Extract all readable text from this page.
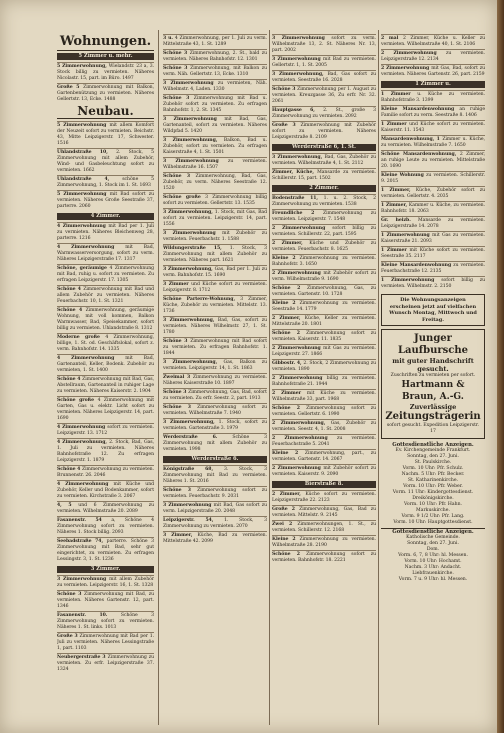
Wohnungen.
5 Zimmer u. mehr.
5 Zimmerwohnung, Wielandstr. 23 a, 3. Stock billig zu vermieten. Näheres Nicolastr. 15, part. im Büro. 1497
Große 5 Zimmerwohnung mit Balkon, Gartenbenützung zu vermieten. Näheres Gellertstr. 13, Ecke. 1488
Neubau.
5 Zimmerwohnung mit allem Komfort der Neuzeit sofort zu vermieten. Beichstr. 43, Mitte Leipzigerstr. 17, Schwester. 1516
Uhlandstraße 10, 2. Stock, 5 Zimmerwohnung mit allem Zubehör, Wind- und Gasbeleuchtung sofort zu vermieten. 1662
Uhlandstraße 4, schöne 5 Zimmerwohnung, 1. Stock im 1. St. 1693
5 Zimmerwohnung mit Bad sofort zu vermieten. Näheres Große Seestraße 37, parterre. 2060
4 Zimmer.
4 Zimmerwohnung mit Bad per 1. Juli zu vermieten. Näheres Bleichenweg 28, parterre. 1216
4 Zimmerwohnung mit Bad, Warmwasserversorgung, sofort zu verm. Näheres Leipzigerstraße 17. 1317
Schöne, geräumige 4 Zimmerwohnung mit Bad, ruhig u. sofort zu vermieten. Zu erfragen Leipzigerstr. 17. 1305
Schöne 4 Zimmerwohnung mit Bad und allem Zubehör zu vermieten. Näheres Feuerbachstr. 10, 1. St. 1321
Schöne 4 Zimmerwohnung, geräumige Wohnung, mit voll kommen, Balkon Warmwasser, Bad, Speisekammer, sofort billig zu vermieten. Uhlandstraße 8. 1312
Moderne große 4 Zimmerwohnung, billige, 1. St. od. Geschäftslokal, sofort z. verm. Bahnhofstr. 14. 1335
4 Zimmerwohnung mit Bad, Gartenanteil, Keller, Bodenk. Zubehör zu vermieten, 1. St. 1400
Schöne 4 Zimmerwohnung mit Bad, Gas, Abstellraum, Gartenanteil in ruhiger Lage zu vermieten. Näheres Kaiserstr. 2. 1904
Schöne große 4 Zimmerwohnung mit Garten, Gas u. elektr. Licht sofort zu vermieten. Näheres Leipzigerstr. 14, part. 1690
4 Zimmerwohnung sofort zu vermieten. Leipzigerstr. 13. 1712
4 Zimmerwohnung, 2. Stock, Bad, Gas, 1. Juli zu vermieten. Näheres Bahnhofstraße 12. Zu erfragen Leipzigerstr. 1. 1879
Schöne 4 Zimmerwohnung zu vermieten. Brunnenstr. 26. 2046
4 Zimmerwohnung mit Küche und Zubehör, Keller und Bodenkammer, sofort zu vermieten. Kirchstraße 3. 2067
4, 5 und 6 Zimmerwohnung zu vermieten. Wilhelmstraße 20. 2089
Fasanenstr. 54 a, Schöne 4 Zimmerwohnung sofort zu vermieten. Näheres 1. Stock billig. 2093
Seebadstraße 74, parterre. Schöne 3 Zimmerwohnung mit Bad, sehr gut eingerichtet, zu vermieten. Zu erfragen Lessingstr. 3, 1. St. 1236
3 Zimmer.
3 Zimmerwohnung mit allem Zubehör zu vermieten. Leipzigerstr. 16, 1. St. 1328
Schöne 3 Zimmerwohnung mit Bad, zu vermieten. Näheres Gartenstr. 12, part. 1346
Fasanenstr. 10. Schöne 3 Zimmerwohnung sofort zu vermieten. Näheres 1. St. links. 1013
Große 3 Zimmerwohnung mit Bad per 1. Juli zu vermieten. Näheres Lessingstraße 1, part. 1103
Neubergerstraße 3 Zimmerwohnung zu vermieten. Zu erfr. Leipzigerstraße 37. 1324
3 u. 4 Zimmerwohnung, per 1. Juli zu verm. Mittelstraße 43, 1. St. 1289
Schöne 3 Zimmerwohnung, 2. St., bald zu vermieten. Näheres Bahnhofstr. 12. 1301
Schöne 3 Zimmerwohnung, mit Balkon zu verm. Näh. Gellertstr. 13, Ecke. 1310
3 Zimmerwohnung zu vermieten, Näh. Wilhelmstr. 4, Laden. 1330
Schöne 3 Zimmerwohnung mit Bad u. Zubehör sofort zu vermieten. Zu erfragen Bahnhofstr. 1, 2. St. 1345
3 Zimmerwohnung mit Bad, Gas, Gartenanteil, sofort zu vermieten. Näheres Wildpfad 5. 1420
3 Zimmerwohnung, Balkon, Bad u. Zubehör, sofort zu vermieten. Zu erfragen Kaiserstraße 4, 1. St. 1501
3 Zimmerwohnung zu vermieten. Wilhelmstraße 16. 1507
Schöne 3 Zimmerwohnung, Bad, Gas, Zubehör, zu verm. Näheres Seestraße 12. 1520
Schöne große 3 Zimmerwohnung billig sofort zu vermieten. Gellertstr. 13. 1535
3 Zimmerwohnung, 1. Stock, mit Gas, Bad sofort zu vermieten. Leipzigerstr. 14, part. 1556
3 Zimmerwohnung mit Zubehör zu vermieten. Feuerbachstr. 1. 1588
Wildungerstraße 15, 1. Stock, 3 Zimmerwohnung mit allem Zubehör zu vermieten. Näheres part. 1621
3 Zimmerwohnung, Gas, Bad per 1. Juli zu verm. Bahnhofstr. 15. 1690
3 Zimmer und Küche sofort zu vermieten. Leipzigerstr. 8. 1712
Schöne Parterre-Wohnung, 3 Zimmer, Küche, Zubehör zu vermieten. Mittelstr. 13. 1736
3 Zimmerwohnung, Bad, Gas, sofort zu vermieten. Näheres Wilhelmstr. 27, 1. St. 1780
Schöne 3 Zimmerwohnung mit Bad sofort zu vermieten. Zu erfragen Bahnhofstr. 1. 1844
3 Zimmerwohnung, Gas, Balkon zu vermieten. Leipzigerstr. 14, 1. St. 1863
Zweimal 3 Zimmerwohnung zu vermieten. Näheres Kaiserstraße 10. 1897
Schöne 3 Zimmerwohnung, Gas, Bad, sofort zu vermieten. Zu erfr. Seestr. 2, part. 1913
Schöne 3 Zimmerwohnung sofort zu vermieten. Wilhelmstraße 7. 1940
3 Zimmerwohnung, 1. Stock, sofort zu vermieten. Gartenstraße 3. 1979
Werderstraße 6. Schöne 3 Zimmerwohnung mit allem Zubehör zu vermieten. 1998
Werderstraße 6.
Königstraße 68, 3. Stock, 3 Zimmerwohnung mit Bad zu vermieten. Näheres 1. St. 2016
Schöne 3 Zimmerwohnung sofort zu vermieten. Feuerbachstr. 9. 2031
3 Zimmerwohnung mit Bad, Gas sofort zu verm. Leipzigerstraße 20. 2048
Leipzigerstr. 54, 1. Stock, 3 Zimmerwohnung zu vermieten. 2070
3 Zimmer, Küche, Bad zu vermieten. Mittelstraße 42. 2099
3 Zimmerwohnung sofort zu verm. Wilhelmstraße 13, 2. St. Näheres Nr. 13, part. 2002
3 Zimmerwohnung mit Bad zu vermieten. Gellertstr. 1, 1. St. 2005
3 Zimmerwohnung, Bad, Gas sofort zu vermieten. Seestraße 16. 2028
Schöne 3 Zimmerwohnung per 1. August zu vermieten. Kreuzgasse 36, Zu erfr. Nr. 32. 2061
Hauptgasse 6, 2. St., große 3 Zimmerwohnung zu vermieten. 2092
Große 3 Zimmerwohnung mit Zubehör sofort zu vermieten. Näheres Leipzigerstraße 8. 2109
Werderstraße 6, 1. St.
3 Zimmerwohnung, Bad, Gas, Zubehör zu vermieten. Wilhelmstraße 4, 1. St. 2112
Zimmer, Küche, Mansarde zu vermieten. Schillerstr. 15, part. 1502
2 Zimmer.
Bodenstraße 11, 1. u. 2. Stock, 2 Zimmerwohnung zu vermieten. 1538
Freundliche 2 Zimmerwohnung zu vermieten. Leipzigerstr. 7. 1548
2 Zimmerwohnung sofort billig zu vermieten. Schillerstr. 22, part. 1595
2 Zimmer, Küche und Zubehör zu vermieten. Feuerbachstr. 8. 1625
Kleine 2 Zimmerwohnung zu vermieten. Bahnhofstr. 3. 1650
2 Zimmerwohnung mit Zubehör sofort zu verm. Wilhelmstraße 9. 1690
Schöne 2 Zimmerwohnung, Gas, zu vermieten. Gartenstr. 10. 1728
Kleine 2 Zimmerwohnung zu vermieten. Seestraße 14. 1779
2 Zimmer, Küche, Keller zu vermieten. Mittelstraße 20. 1801
Schöne 2 Zimmerwohnung sofort zu vermieten. Kaiserstr. 11. 1835
2 Zimmerwohnung mit Gas zu vermieten. Leipzigerstr. 27. 1866
Gibbostr. 4, 2. Stock, 2 Zimmerwohnung zu vermieten. 1890
2 Zimmerwohnung billig zu vermieten. Bahnhofstraße 21. 1944
2 Zimmer mit Küche zu vermieten. Wilhelmstraße 33, part. 1968
Schöne 2 Zimmerwohnung sofort zu vermieten. Gellertstr. 6. 1990
2 Zimmerwohnung, Gas, Zubehör zu vermieten. Seestr. 4, 1. St. 2008
2 Zimmerwohnung zu vermieten. Feuerbachstraße 5. 2041
Kleine 2 Zimmerwohnung, part., zu vermieten. Gartenstr. 14. 2067
2 Zimmerwohnung mit Zubehör sofort zu vermieten. Kaiserstr. 9. 2090
Bierstraße 8.
2 Zimmer, Küche sofort zu vermieten. Leipzigerstraße 22. 2123
Große 2 Zimmerwohnung, Gas, Bad zu vermieten. Mittelstr. 9. 2145
Zwei 2 Zimmerwohnungen, 1. St., zu vermieten. Schillerstr. 12. 2168
Kleine 2 Zimmerwohnung zu vermieten. Wilhelmstraße 28. 2190
Schöne 2 Zimmerwohnung sofort zu vermieten. Bahnhofstr. 18. 2221
2 mal 2 Zimmer, Küche u. Keller zu vermieten. Wilhelmstraße 40, 1. St. 2106
2 Zimmerwohnung zu vermieten. Leipzigerstraße 12. 2134
2 Zimmerwohnung mit Gas, Bad, sofort zu vermieten. Näheres Gartenstr. 26, part. 2159
1 Zimmer u.
1 Zimmer u. Küche zu vermieten. Bahnhofstraße 3. 1399
Kleine Mansardenwohnung an ruhige Familie sofort zu verm. Seestraße 8. 1406
1 Zimmer und Küche sofort zu vermieten. Kaiserstr. 11. 1543
Mansardenwohnung, 1 Zimmer u. Küche, zu vermieten. Wilhelmstraße 7. 1650
Schöne Mansardenwohnung, 2 Zimmer, an ruhige Leute zu vermieten. Mittelstraße 20. 1690
Kleine Wohnung zu vermieten. Schillerstr. 9. 2015
1 Zimmer, Küche, Zubehör sofort zu vermieten. Gellertstr. 4. 2035
1 Zimmer, Kammer u. Küche, zu vermieten. Bahnhofstr. 18. 2063
Gr. heizb. Mansarde zu vermieten. Leipzigerstraße 14. 2078
1 Zimmerwohnung mit Gas zu vermieten. Kaiserstraße 21. 2093
1 Zimmer mit Küche sofort zu vermieten. Seestraße 35. 2117
Kleine Mansardenwohnung zu vermieten. Feuerbachstraße 12. 2135
1 Zimmerwohnung sofort billig zu vermieten. Wilhelmstr. 2. 2150
Die Wohnungsanzeigen erscheinen jetzt auf vielfachen Wunsch Montag, Mittwoch und Freitag.
Junger Laufbursche
mit guter Handschrift gesucht.
Zuschriften zu vermieten per sofort.
Hartmann & Braun, A.-G.
Zuverlässige
Zeitungsträgerin
sofort gesucht. Expedition Leipzigerstr. 17
Gottesdienstliche Anzeigen.
Ev. Kirchengemeinde Frankfurt.
Sonntag, den 27. Juni.
St. Paulskirche.
Vorm. 10 Uhr: Pfr. Schulz.
Nachm. 5 Uhr: Pfr. Becker.
St. Katharinenkirche.
Vorm. 10 Uhr: Pfr. Weber.
Vorm. 11 Uhr: Kindergottesdienst.
Dreikönigskirche.
Vorm. 10 Uhr: Pfr. Hahn.
Markuskirche.
Vorm. 9 1/2 Uhr: Pfr. Lang.
Vorm. 10 Uhr: Hauptgottesdienst.
Gottesdienstliche Anzeigen.
Katholische Gemeinde.
Sonntag, den 27. Juni.
Dom.
Vorm. 6, 7, 8 Uhr: hl. Messen.
Vorm. 10 Uhr: Hochamt.
Nachm. 3 Uhr: Andacht.
Liebfrauenkirche.
Vorm. 7 u. 9 Uhr: hl. Messen.
